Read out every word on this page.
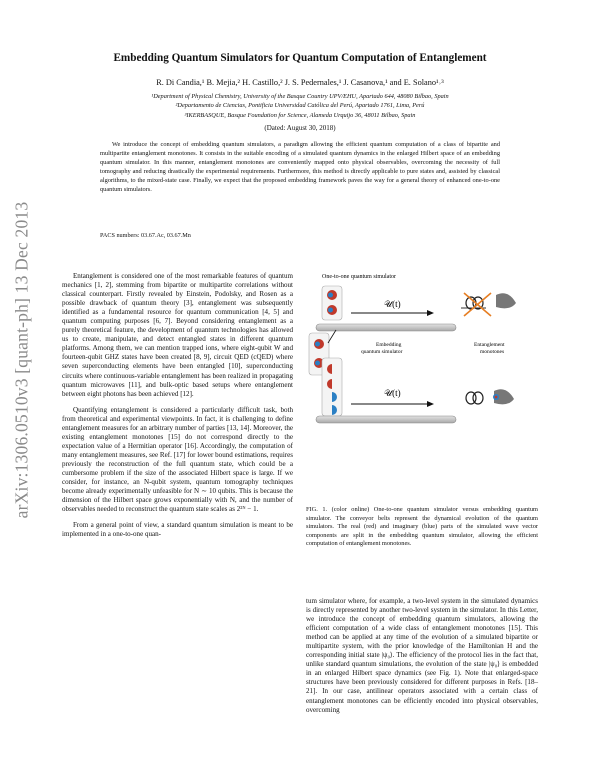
arXiv:1306.0510v3 [quant-ph] 13 Dec 2013
Embedding Quantum Simulators for Quantum Computation of Entanglement
R. Di Candia,¹ B. Mejia,² H. Castillo,² J. S. Pedernales,¹ J. Casanova,¹ and E. Solano¹˒³
¹Department of Physical Chemistry, University of the Basque Country UPV/EHU, Apartado 644, 48080 Bilbao, Spain
²Departamento de Ciencias, Pontificia Universidad Católica del Perú, Apartado 1761, Lima, Perú
³IKERBASQUE, Basque Foundation for Science, Alameda Urquijo 36, 48011 Bilbao, Spain
(Dated: August 30, 2018)
We introduce the concept of embedding quantum simulators, a paradigm allowing the efficient quantum computation of a class of bipartite and multipartite entanglement monotones. It consists in the suitable encoding of a simulated quantum dynamics in the enlarged Hilbert space of an embedding quantum simulator. In this manner, entanglement monotones are conveniently mapped onto physical observables, overcoming the necessity of full tomography and reducing drastically the experimental requirements. Furthermore, this method is directly applicable to pure states and, assisted by classical algorithms, to the mixed-state case. Finally, we expect that the proposed embedding framework paves the way for a general theory of enhanced one-to-one quantum simulators.
PACS numbers: 03.67.Ac, 03.67.Mn

Entanglement is considered one of the most remarkable features of quantum mechanics [1, 2], stemming from bipartite or multipartite correlations without classical counterpart. Firstly revealed by Einstein, Podolsky, and Rosen as a possible drawback of quantum theory [3], entanglement was subsequently identified as a fundamental resource for quantum communication [4, 5] and quantum computing purposes [6, 7]. Beyond considering entanglement as a purely theoretical feature, the development of quantum technologies has allowed us to create, manipulate, and detect entangled states in different quantum platforms. Among them, we can mention trapped ions, where eight-qubit W and fourteen-qubit GHZ states have been created [8, 9], circuit QED (cQED) where seven superconducting elements have been entangled [10], superconducting circuits where continuous-variable entanglement has been realized in propagating quantum microwaves [11], and bulk-optic based setups where entanglement between eight photons has been achieved [12].

Quantifying entanglement is considered a particularly difficult task, both from theoretical and experimental viewpoints. In fact, it is challenging to define entanglement measures for an arbitrary number of parties [13, 14]. Moreover, the existing entanglement monotones [15] do not correspond directly to the expectation value of a Hermitian operator [16]. Accordingly, the computation of many entanglement measures, see Ref. [17] for lower bound estimations, requires previously the reconstruction of the full quantum state, which could be a cumbersome problem if the size of the associated Hilbert space is large. If we consider, for instance, an N-qubit system, quantum tomography techniques become already experimentally unfeasible for N ∼ 10 qubits. This is because the dimension of the Hilbert space grows exponentially with N, and the number of observables needed to reconstruct the quantum state scales as 2²ᴺ − 1.

From a general point of view, a standard quantum simulation is meant to be implemented in a one-to-one quan-

One-to-one quantum simulator
𝒰(t)
Embedding quantum simulator
Entanglement monotones
𝒰(t)
FIG. 1. (color online) One-to-one quantum simulator versus embedding quantum simulator. The conveyor belts represent the dynamical evolution of the quantum simulators. The real (red) and imaginary (blue) parts of the simulated wave vector components are split in the embedding quantum simulator, allowing the efficient computation of entanglement monotones.

tum simulator where, for example, a two-level system in the simulated dynamics is directly represented by another two-level system in the simulator. In this Letter, we introduce the concept of embedding quantum simulators, allowing the efficient computation of a wide class of entanglement monotones [15]. This method can be applied at any time of the evolution of a simulated bipartite or multipartite system, with the prior knowledge of the Hamiltonian H and the corresponding initial state |ψ₀⟩. The efficiency of the protocol lies in the fact that, unlike standard quantum simulations, the evolution of the state |ψ₀⟩ is embedded in an enlarged Hilbert space dynamics (see Fig. 1). Note that enlarged-space structures have been previously considered for different purposes in Refs. [18–21]. In our case, antilinear operators associated with a certain class of entanglement monotones can be efficiently encoded into physical observables, overcoming
